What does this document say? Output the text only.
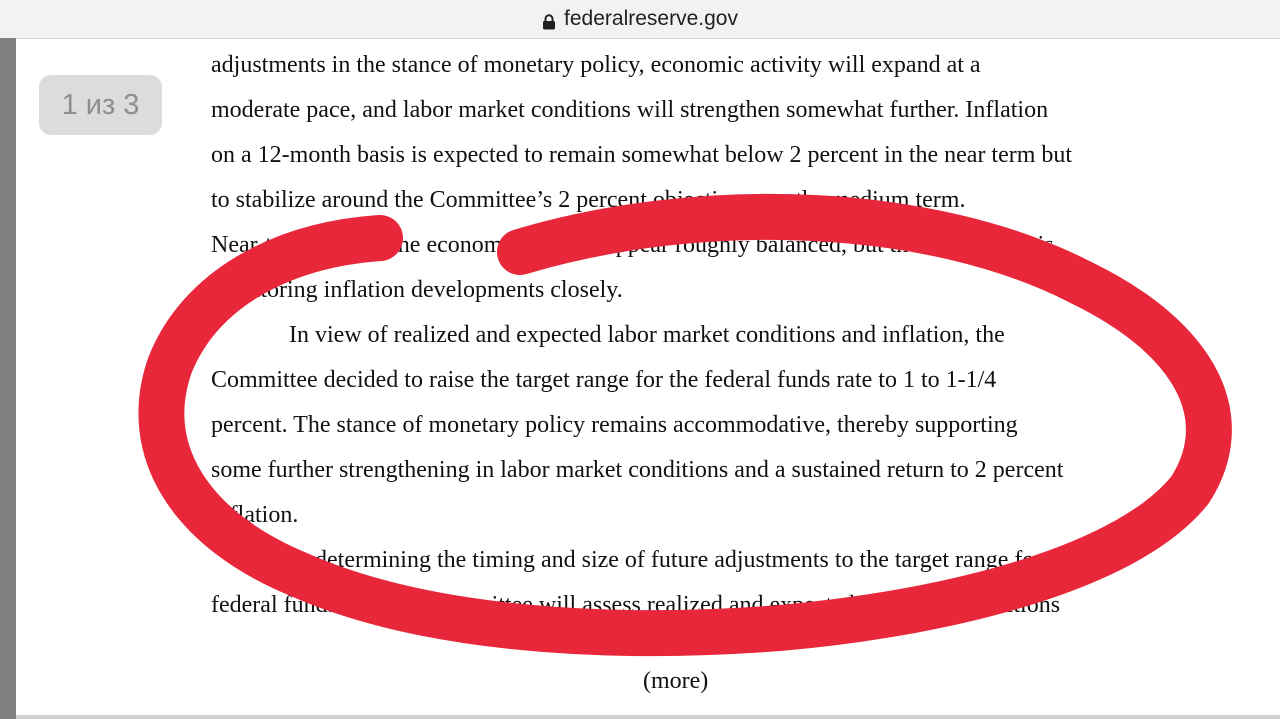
federalreserve.gov
1 из 3
adjustments in the stance of monetary policy, economic activity will expand at a
moderate pace, and labor market conditions will strengthen somewhat further. Inflation
on a 12-month basis is expected to remain somewhat below 2 percent in the near term but
to stabilize around the Committee’s 2 percent objective over the medium term.
Near-term risks to the economic outlook appear roughly balanced, but the Committee is
monitoring inflation developments closely.
In view of realized and expected labor market conditions and inflation, the
Committee decided to raise the target range for the federal funds rate to 1 to 1-1/4
percent. The stance of monetary policy remains accommodative, thereby supporting
some further strengthening in labor market conditions and a sustained return to 2 percent
inflation.
In determining the timing and size of future adjustments to the target range for the
federal funds rate, the Committee will assess realized and expected economic conditions
(more)
